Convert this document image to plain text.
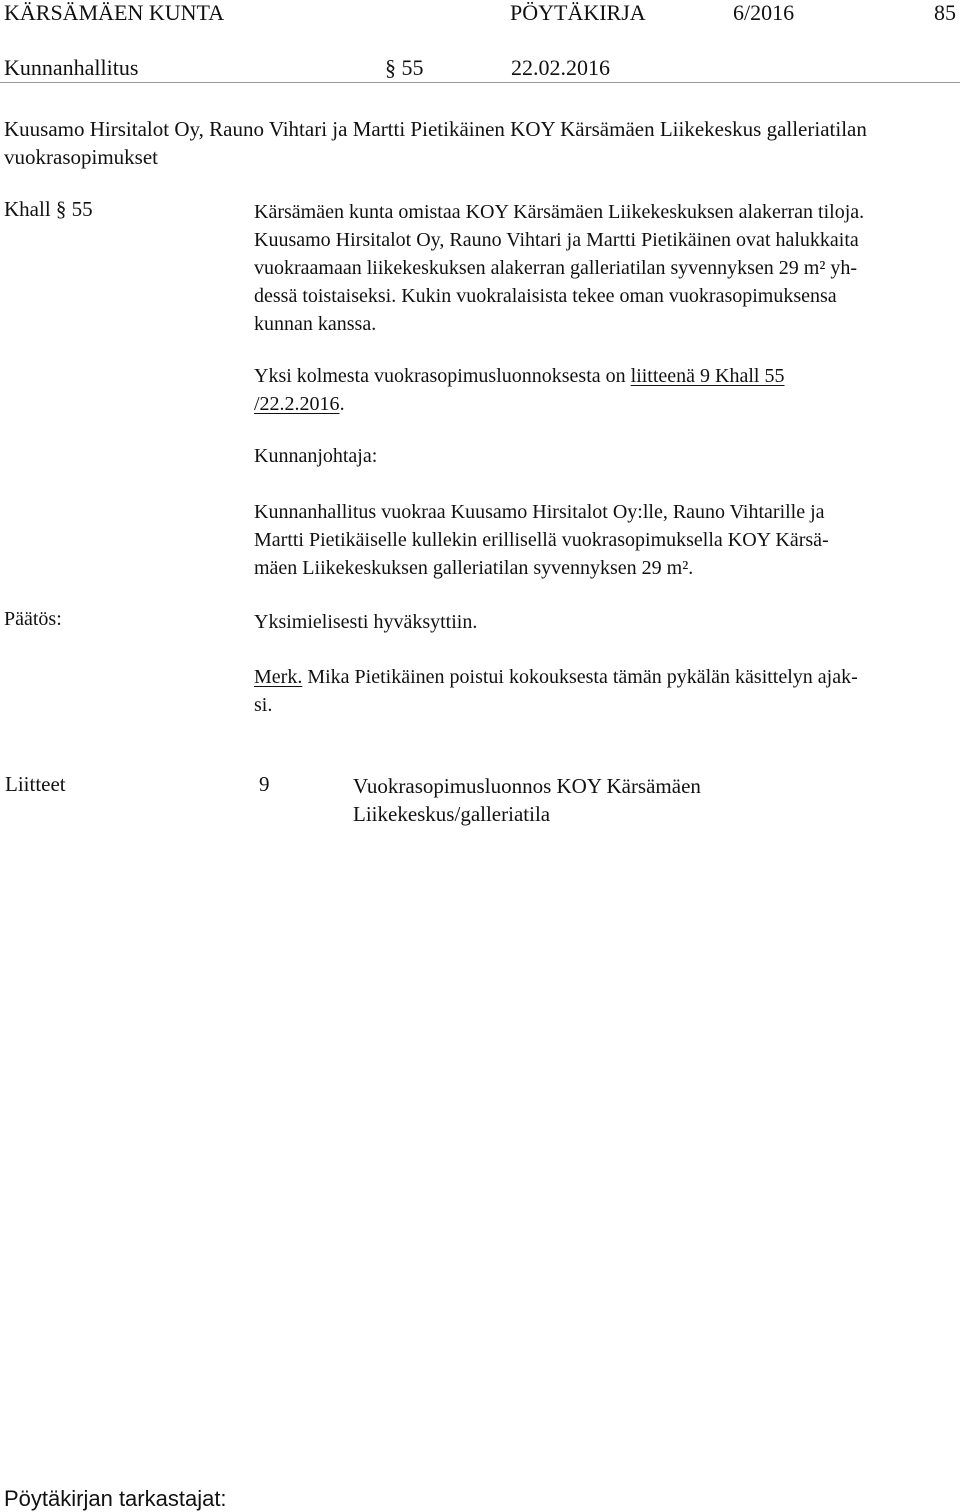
KÄRSÄMÄEN KUNTA	PÖYTÄKIRJA	6/2016	85
Kunnanhallitus	§ 55	22.02.2016
Kuusamo Hirsitalot Oy, Rauno Vihtari ja Martti Pietikäinen KOY Kärsämäen Liikekeskus galleriatilan
vuokrasopimukset
Khall § 55	Kärsämäen kunta omistaa KOY Kärsämäen Liikekeskuksen alakerran tiloja.
Kuusamo Hirsitalot Oy, Rauno Vihtari ja Martti Pietikäinen ovat halukkaita
vuokraamaan liikekeskuksen alakerran galleriatilan syvennyksen 29 m² yh-
dessä toistaiseksi. Kukin vuokralaisista tekee oman vuokrasopimuksensa
kunnan kanssa.
Yksi kolmesta vuokrasopimusluonnoksesta on liitteenä 9 Khall 55
/22.2.2016.
Kunnanjohtaja:
Kunnanhallitus vuokraa Kuusamo Hirsitalot Oy:lle, Rauno Vihtarille ja
Martti Pietikäiselle kullekin erillisellä vuokrasopimuksella KOY Kärsä-
mäen Liikekeskuksen galleriatilan syvennyksen 29 m².
Päätös:	Yksimielisesti hyväksyttiin.
Merk. Mika Pietikäinen poistui kokouksesta tämän pykälän käsittelyn ajak-
si.
Liitteet	9	Vuokrasopimusluonnos KOY Kärsämäen
Liikekeskus/galleriatila
Pöytäkirjan tarkastajat:
